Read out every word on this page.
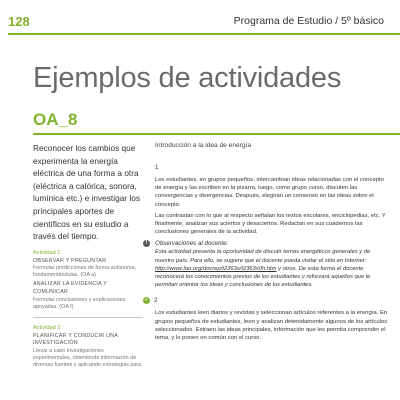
128	Programa de Estudio / 5º básico
Ejemplos de actividades
OA_8

Reconocer los cambios que experimenta la energía eléctrica de una forma a otra (eléctrica a calórica, sonora, lumínica etc.) e investigar los principales aportes de científicos en su estudio a través del tiempo.

Actividad 1
OBSERVAR Y PREGUNTAR
Formular predicciones de forma autónoma, fundamentándolas. (OA a)
ANALIZAR LA EVIDENCIA Y COMUNICAR
Formular conclusiones y explicaciones apoyadas. (OA f)
Actividad 2
PLANIFICAR Y CONDUCIR UNA INVESTIGACIÓN
Llevar a cabo investigaciones experimentales, obteniendo información de diversas fuentes y aplicando estrategias para

Introducción a la idea de energía

1

Los estudiantes, en grupos pequeños, intercambian ideas relacionadas con el concepto de energía y las escriben en la pizarra, luego, como grupo curso, discuten las convergencias y divergencias. Después, elegirán un consenso en las ideas sobre el concepto.

Las contrastan con lo que al respecto señalan los textos escolares, enciclopedias, etc. Y finalmente, analizan sus aciertos y desaciertos. Redactan en sus cuadernos las conclusiones generales de la actividad.

!	Observaciones al docente:

Esta actividad presenta la oportunidad de discutir temas energéticos generales y de nuestro país. Para ello, se sugiere que el docente pueda visitar el sitio en Internet: http://www.fao.org/docrep/t2363s/t2363s0h.htm y otros. De esta forma el docente reconocerá los conocimientos previos de los estudiantes y reforzará aquellos que le permitan orientar los ideas y conclusiones de los estudiantes.

✓ 2

Los estudiantes leen diarios y revistas y seleccionan artículos referentes a la energía. En grupos pequeños de estudiantes, leen y analizan detenidamente algunos de los artículos seleccionados. Extraen las ideas principales, información que les permita comprender el tema, y lo ponen en común con el curso.
